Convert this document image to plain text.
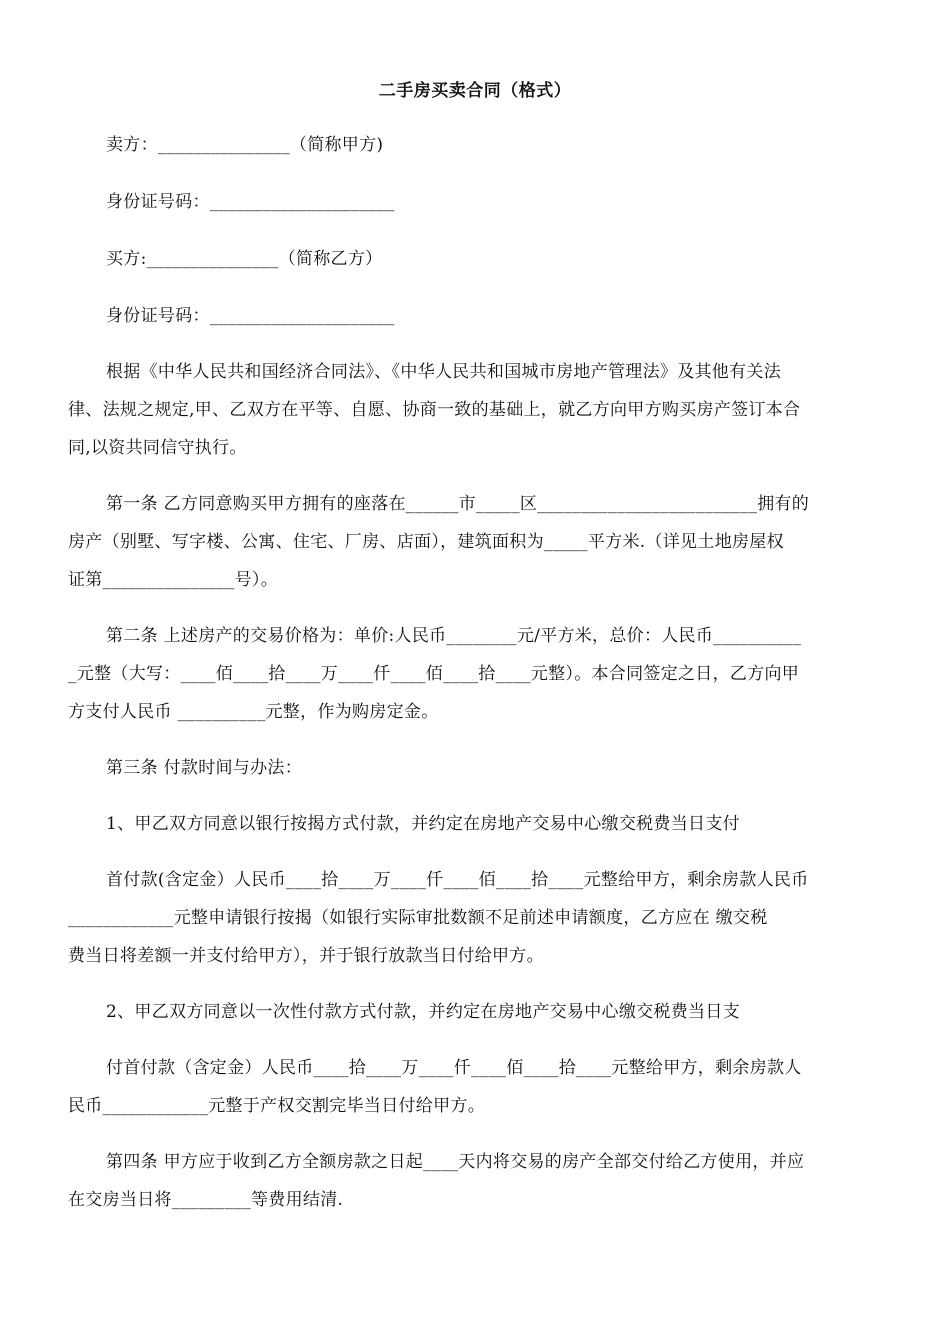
二手房买卖合同（格式）
卖方：_______________（简称甲方)
身份证号码：_____________________
买方:_______________（简称乙方）
身份证号码：_____________________
根据《中华人民共和国经济合同法》、《中华人民共和国城市房地产管理法》及其他有关法
律、法规之规定,甲、乙双方在平等、自愿、协商一致的基础上，就乙方向甲方购买房产签订本合
同,以资共同信守执行。
第一条 乙方同意购买甲方拥有的座落在______市_____区_________________________拥有的
房产（别墅、写字楼、公寓、住宅、厂房、店面），建筑面积为_____平方米.（详见土地房屋权
证第_______________号）。
第二条 上述房产的交易价格为：单价:人民币________元/平方米，总价：人民币__________
_元整（大写：____佰____拾____万____仟____佰____拾____元整）。本合同签定之日，乙方向甲
方支付人民币 __________元整，作为购房定金。
第三条 付款时间与办法：
1、甲乙双方同意以银行按揭方式付款，并约定在房地产交易中心缴交税费当日支付
首付款(含定金）人民币____拾____万____仟____佰____拾____元整给甲方，剩余房款人民币
____________元整申请银行按揭（如银行实际审批数额不足前述申请额度，乙方应在 缴交税
费当日将差额一并支付给甲方），并于银行放款当日付给甲方。
2、甲乙双方同意以一次性付款方式付款，并约定在房地产交易中心缴交税费当日支
付首付款（含定金）人民币____拾____万____仟____佰____拾____元整给甲方，剩余房款人
民币____________元整于产权交割完毕当日付给甲方。
第四条 甲方应于收到乙方全额房款之日起____天内将交易的房产全部交付给乙方使用，并应
在交房当日将_________等费用结清.
